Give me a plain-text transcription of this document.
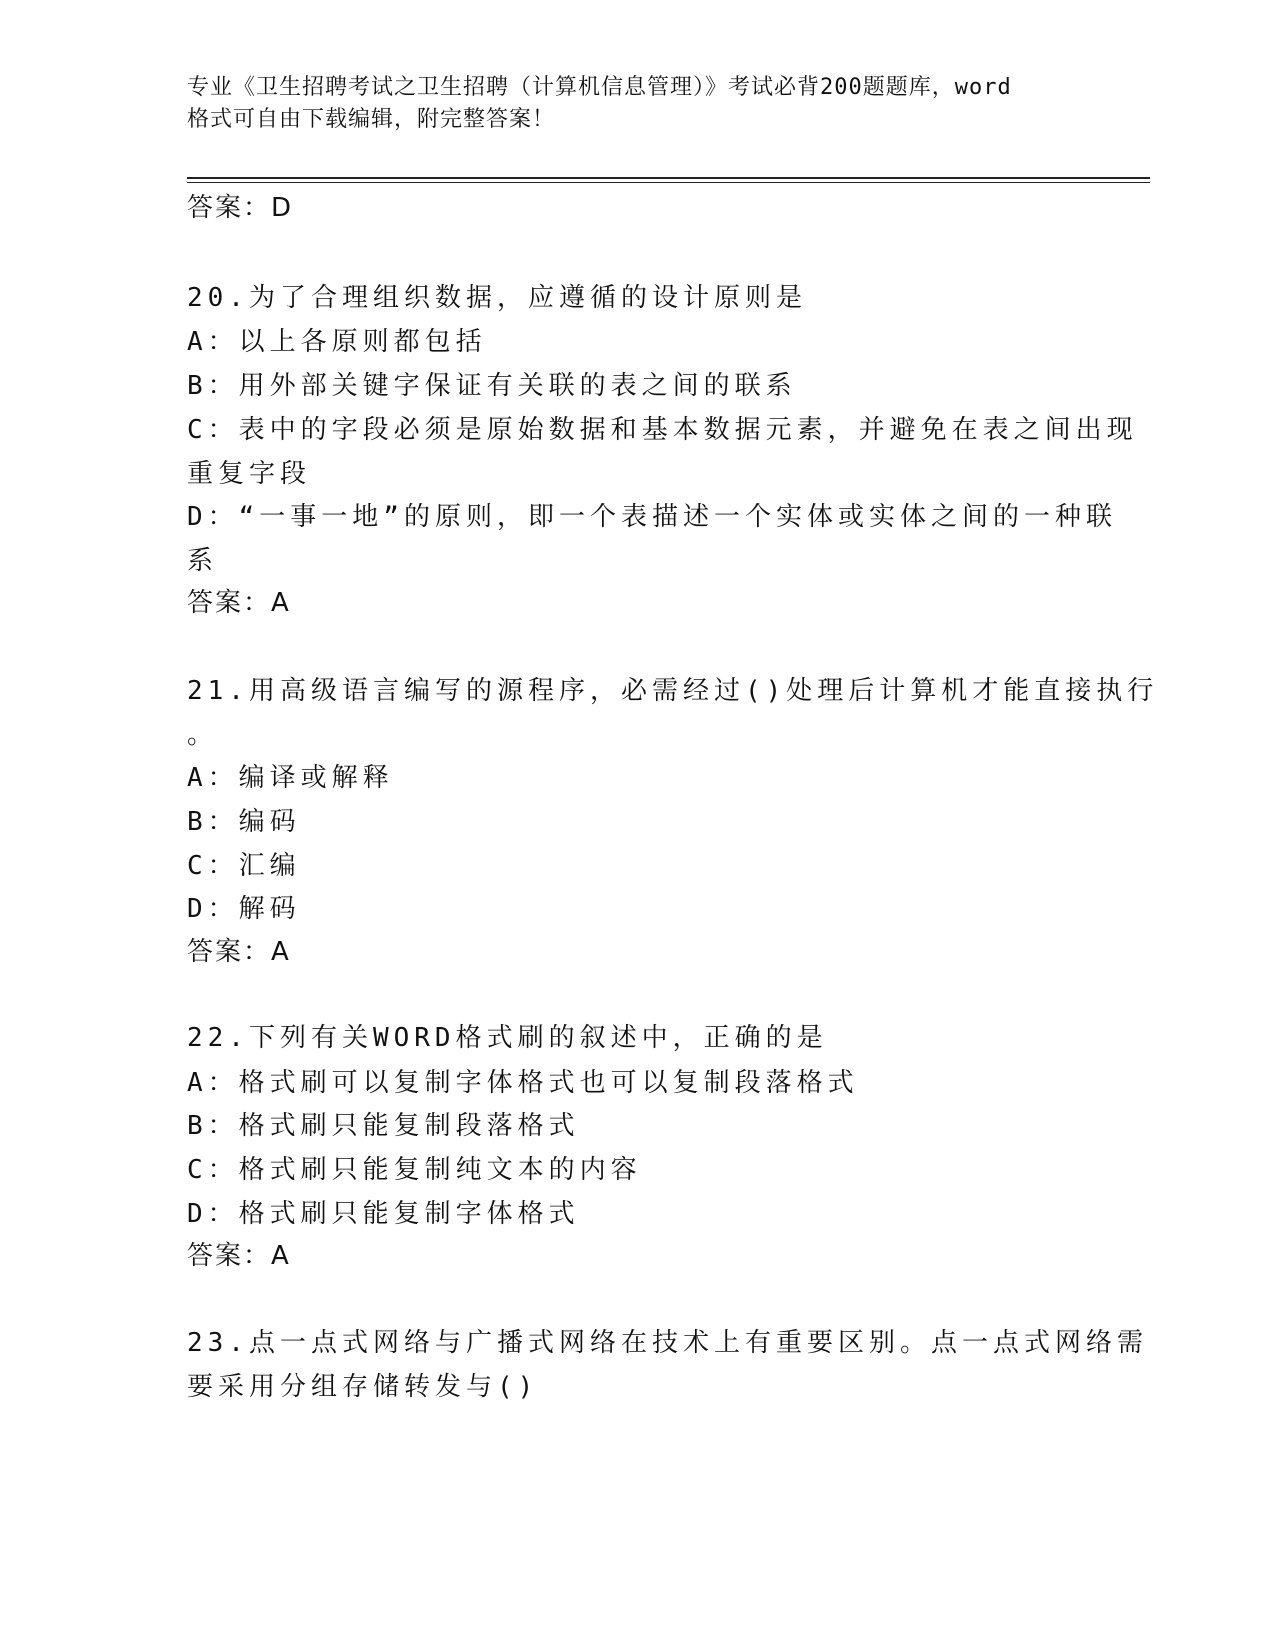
专业《卫生招聘考试之卫生招聘（计算机信息管理）》考试必背200题题库，word
格式可自由下载编辑，附完整答案！
答案：D
20.为了合理组织数据，应遵循的设计原则是
A：以上各原则都包括
B：用外部关键字保证有关联的表之间的联系
C：表中的字段必须是原始数据和基本数据元素，并避免在表之间出现
重复字段
D：“一事一地”的原则，即一个表描述一个实体或实体之间的一种联
系
答案：A
21.用高级语言编写的源程序，必需经过()处理后计算机才能直接执行
。
A：编译或解释
B：编码
C：汇编
D：解码
答案：A
22.下列有关WORD格式刷的叙述中，正确的是
A：格式刷可以复制字体格式也可以复制段落格式
B：格式刷只能复制段落格式
C：格式刷只能复制纯文本的内容
D：格式刷只能复制字体格式
答案：A
23.点一点式网络与广播式网络在技术上有重要区别。点一点式网络需
要采用分组存储转发与()
